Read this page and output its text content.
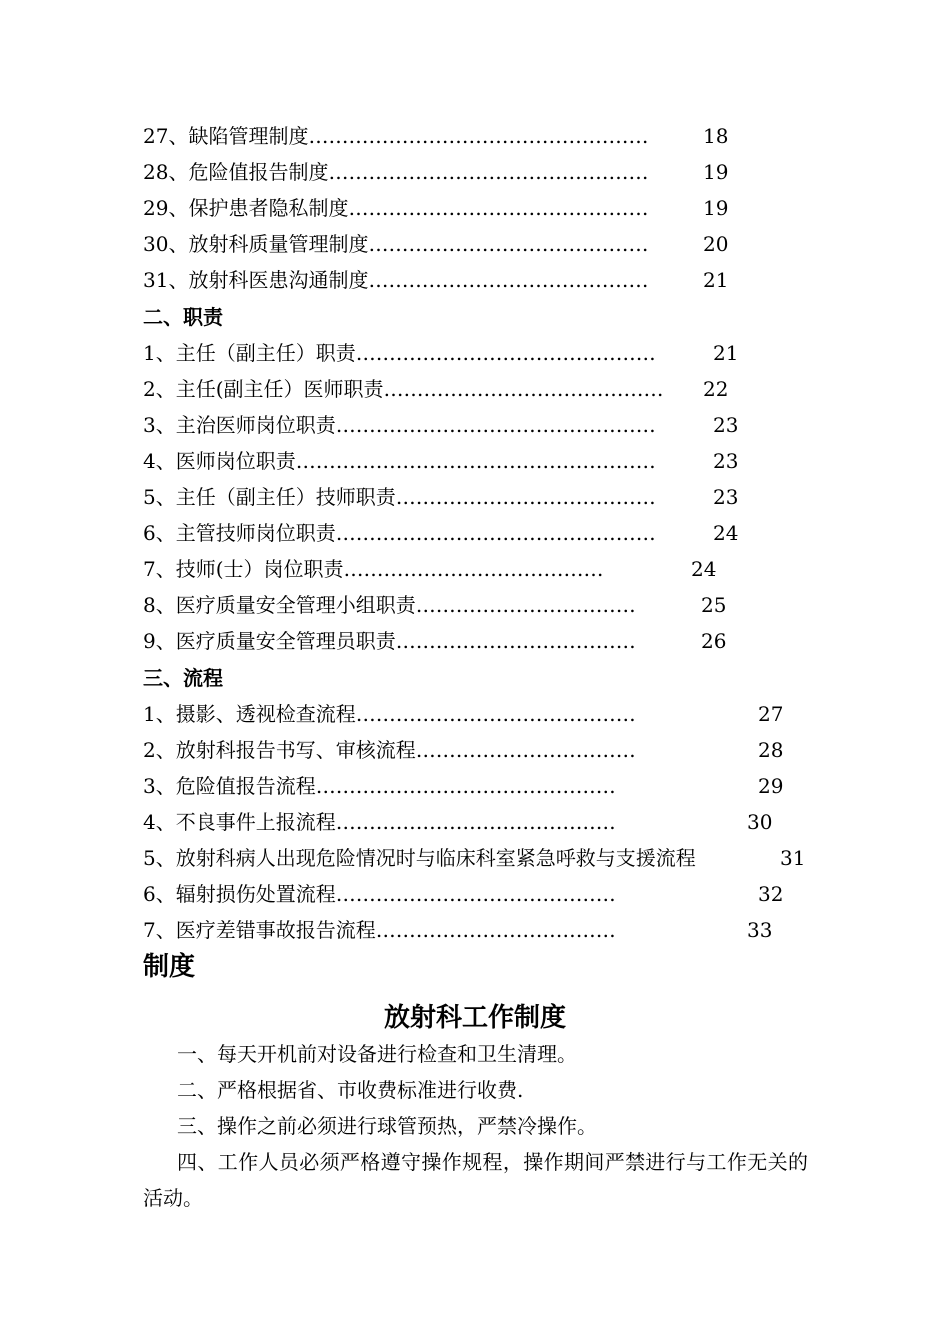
27、缺陷管理制度……………………………………………	18
28、危险值报告制度…………………………………………	19
29、保护患者隐私制度………………………………………	19
30、放射科质量管理制度……………………………………	20
31、放射科医患沟通制度……………………………………	21
二、职责
1、主任（副主任）职责………………………………………	21
2、主任(副主任）医师职责…………………………………… 22
3、主治医师岗位职责…………………………………………	23
4、医师岗位职责………………………………………………	23
5、主任（副主任）技师职责…………………………………	23
6、主管技师岗位职责…………………………………………	24
7、技师(士）岗位职责…………………………………	24
8、医疗质量安全管理小组职责……………………………	25
9、医疗质量安全管理员职责………………………………	26
三、流程
1、摄影、透视检查流程……………………………………	27
2、放射科报告书写、审核流程……………………………	28
3、危险值报告流程………………………………………	29
4、不良事件上报流程……………………………………	30
5、放射科病人出现危险情况时与临床科室紧急呼救与支援流程	31
6、辐射损伤处置流程……………………………………	32
7、医疗差错事故报告流程………………………………	33
制度
放射科工作制度
一、每天开机前对设备进行检查和卫生清理。
二、严格根据省、市收费标准进行收费.
三、操作之前必须进行球管预热，严禁冷操作。
四、工作人员必须严格遵守操作规程，操作期间严禁进行与工作无关的活动。
